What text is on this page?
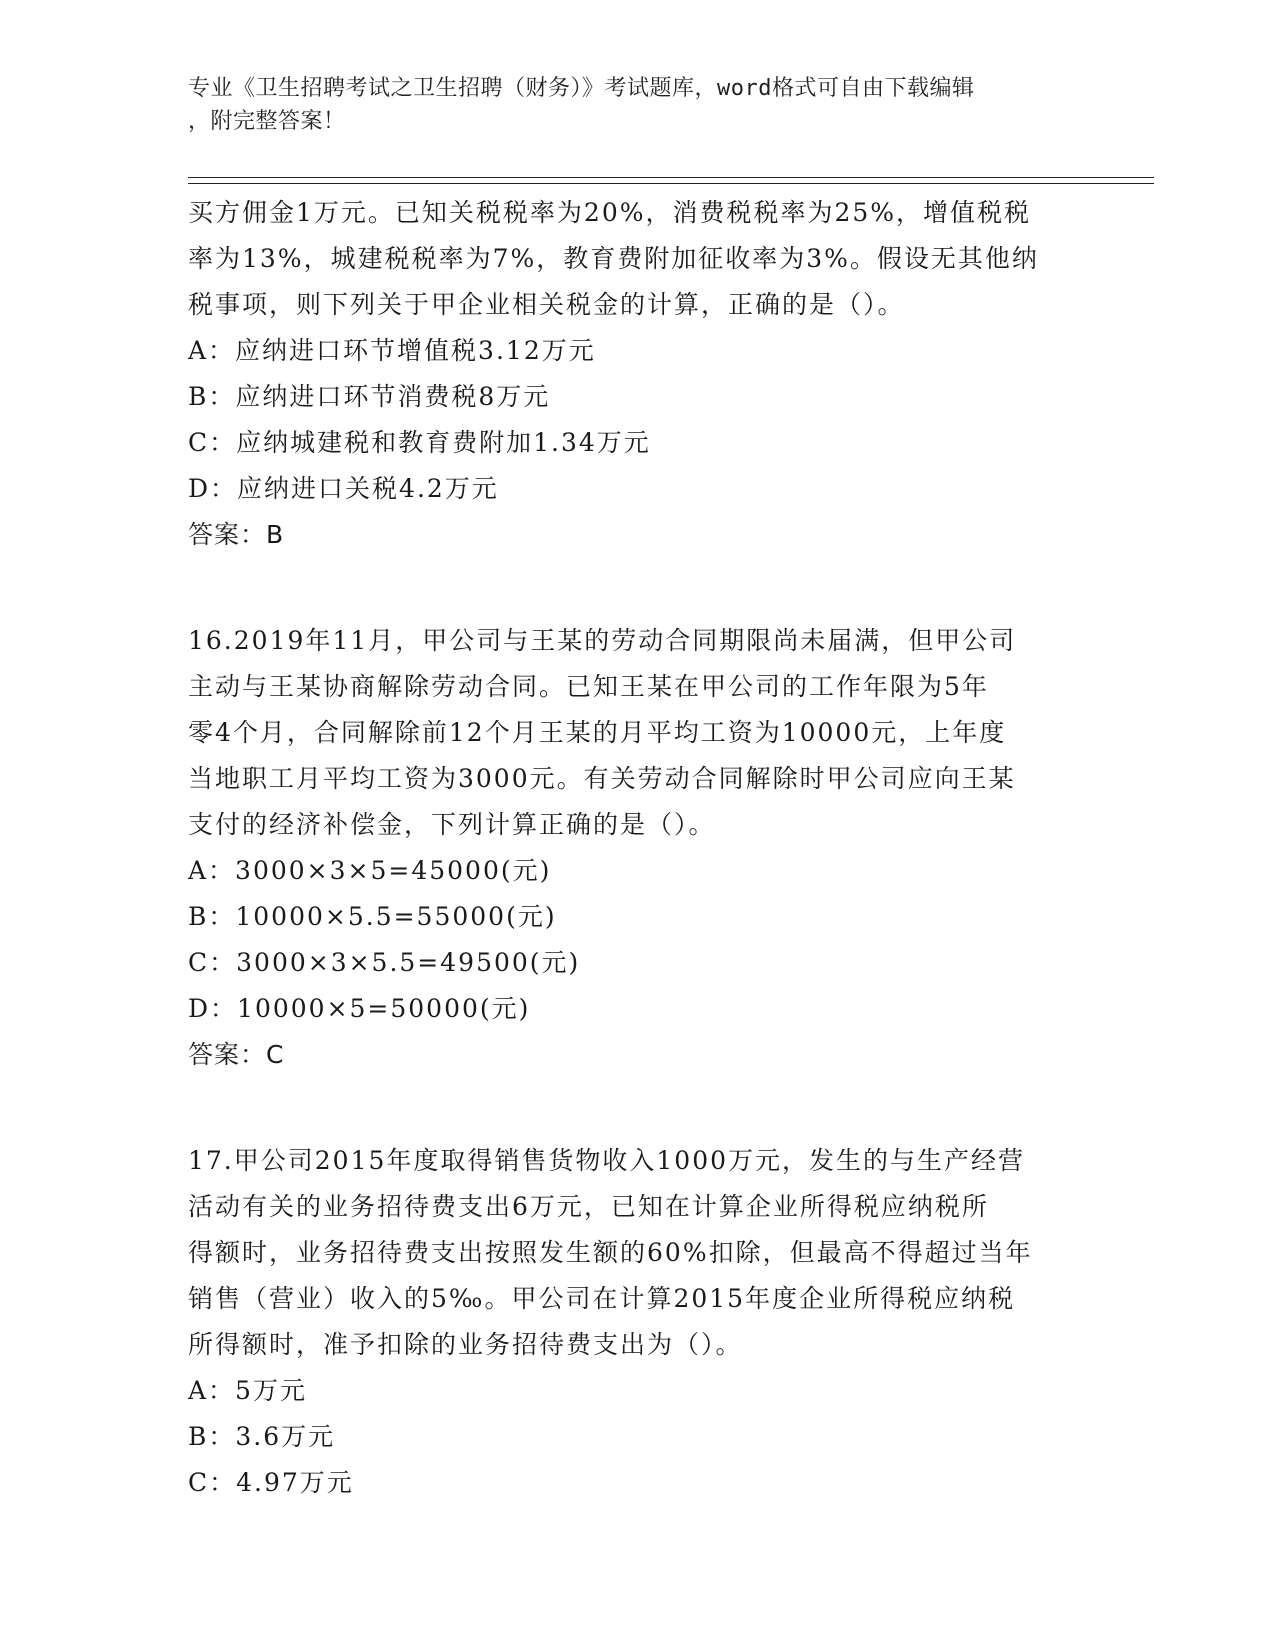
专业《卫生招聘考试之卫生招聘（财务）》考试题库，word格式可自由下载编辑
，附完整答案！

买方佣金1万元。已知关税税率为20%，消费税税率为25%，增值税税

率为13%，城建税税率为7%，教育费附加征收率为3%。假设无其他纳

税事项，则下列关于甲企业相关税金的计算，正确的是（）。

A：应纳进口环节增值税3.12万元

B：应纳进口环节消费税8万元

C：应纳城建税和教育费附加1.34万元

D：应纳进口关税4.2万元

答案：B

16.2019年11月，甲公司与王某的劳动合同期限尚未届满，但甲公司

主动与王某协商解除劳动合同。已知王某在甲公司的工作年限为5年

零4个月，合同解除前12个月王某的月平均工资为10000元，上年度

当地职工月平均工资为3000元。有关劳动合同解除时甲公司应向王某

支付的经济补偿金，下列计算正确的是（）。

A：3000×3×5=45000(元)

B：10000×5.5=55000(元)

C：3000×3×5.5=49500(元)

D：10000×5=50000(元)

答案：C

17.甲公司2015年度取得销售货物收入1000万元，发生的与生产经营

活动有关的业务招待费支出6万元，已知在计算企业所得税应纳税所

得额时，业务招待费支出按照发生额的60%扣除，但最高不得超过当年

销售（营业）收入的5‰。甲公司在计算2015年度企业所得税应纳税

所得额时，准予扣除的业务招待费支出为（）。

A：5万元

B：3.6万元

C：4.97万元
